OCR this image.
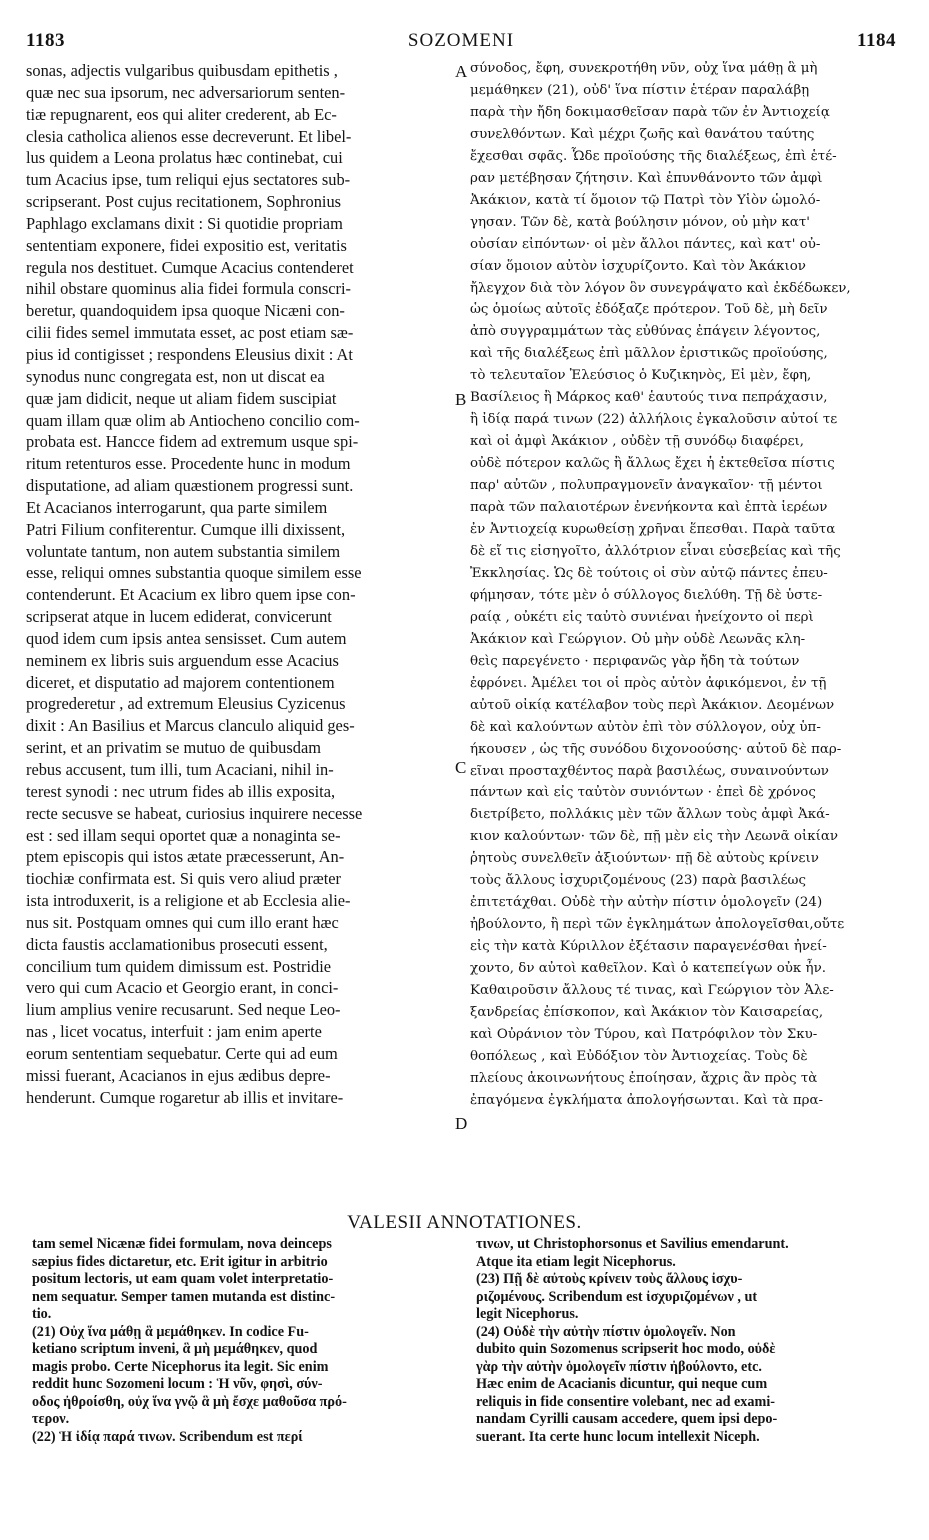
1183	SOZOMENI	1184
sonas, adjectis vulgaribus quibusdam epithetis ,
quæ nec sua ipsorum, nec adversariorum senten-
tiæ repugnarent, eos qui aliter crederent, ab Ec-
clesia catholica alienos esse decreverunt. Et libel-
lus quidem a Leona prolatus hæc continebat, cui
tum Acacius ipse, tum reliqui ejus sectatores sub-
scripserant. Post cujus recitationem, Sophronius
Paphlago exclamans dixit : Si quotidie propriam
sententiam exponere, fidei expositio est, veritatis
regula nos destituet. Cumque Acacius contenderet
nihil obstare quominus alia fidei formula conscri-
beretur, quandoquidem ipsa quoque Nicæni con-
cilii fides semel immutata esset, ac post etiam sæ-
pius id contigisset ; respondens Eleusius dixit : At
synodus nunc congregata est, non ut discat ea
quæ jam didicit, neque ut aliam fidem suscipiat
quam illam quæ olim ab Antiocheno concilio com-
probata est. Hancce fidem ad extremum usque spi-
ritum retenturos esse. Procedente hunc in modum
disputatione, ad aliam quæstionem progressi sunt.
Et Acacianos interrogarunt, qua parte similem
Patri Filium confiterentur. Cumque illi dixissent,
voluntate tantum, non autem substantia similem
esse, reliqui omnes substantia quoque similem esse
contenderunt. Et Acacium ex libro quem ipse con-
scripserat atque in lucem ediderat, convicerunt
quod idem cum ipsis antea sensisset. Cum autem
neminem ex libris suis arguendum esse Acacius
diceret, et disputatio ad majorem contentionem
progrederetur , ad extremum Eleusius Cyzicenus
dixit : An Basilius et Marcus clanculo aliquid ges-
serint, et an privatim se mutuo de quibusdam
rebus accusent, tum illi, tum Acaciani, nihil in-
terest synodi : nec utrum fides ab illis exposita,
recte secusve se habeat, curiosius inquirere necesse
est : sed illam sequi oportet quæ a nonaginta se-
ptem episcopis qui istos ætate præcesserunt, An-
tiochiæ confirmata est. Si quis vero aliud præter
ista introduxerit, is a religione et ab Ecclesia alie-
nus sit. Postquam omnes qui cum illo erant hæc
dicta faustis acclamationibus prosecuti essent,
concilium tum quidem dimissum est. Postridie
vero qui cum Acacio et Georgio erant, in conci-
lium amplius venire recusarunt. Sed neque Leo-
nas , licet vocatus, interfuit : jam enim aperte
eorum sententiam sequebatur. Certe qui ad eum
missi fuerant, Acacianos in ejus ædibus depre-
henderunt. Cumque rogaretur ab illis et invitare-
σύνοδος, ἔφη, συνεκροτήθη νῦν, οὐχ ἵνα μάθῃ ἃ μὴ
μεμάθηκεν (21), οὐδ' ἵνα πίστιν ἑτέραν παραλάβῃ
παρὰ τὴν ἤδη δοκιμασθεῖσαν παρὰ τῶν ἐν Ἀντιοχείᾳ
συνελθόντων. Καὶ μέχρι ζωῆς καὶ θανάτου ταύτης
ἔχεσθαι σφᾶς. Ὧδε προϊούσης τῆς διαλέξεως, ἐπὶ ἑτέ-
ραν μετέβησαν ζήτησιν. Καὶ ἐπυνθάνοντο τῶν ἀμφὶ
Ἀκάκιον, κατὰ τί ὅμοιον τῷ Πατρὶ τὸν Υἱὸν ὡμολό-
γησαν. Τῶν δὲ, κατὰ βούλησιν μόνον, οὐ μὴν κατ'
οὐσίαν εἰπόντων· οἱ μὲν ἄλλοι πάντες, καὶ κατ' οὐ-
σίαν ὅμοιον αὐτὸν ἰσχυρίζοντο. Καὶ τὸν Ἀκάκιον
ἤλεγχον διὰ τὸν λόγον ὃν συνεγράψατο καὶ ἐκδέδωκεν,
ὡς ὁμοίως αὐτοῖς ἐδόξαζε πρότερον. Τοῦ δὲ, μὴ δεῖν
ἀπὸ συγγραμμάτων τὰς εὐθύνας ἐπάγειν λέγοντος,
καὶ τῆς διαλέξεως ἐπὶ μᾶλλον ἐριστικῶς προϊούσης,
τὸ τελευταῖον Ἐλεύσιος ὁ Κυζικηνὸς, Εἰ μὲν, ἔφη,
Βασίλειος ἢ Μάρκος καθ' ἑαυτούς τινα πεπράχασιν,
ἢ ἰδίᾳ παρά τινων (22) ἀλλήλοις ἐγκαλοῦσιν αὐτοί τε
καὶ οἱ ἀμφὶ Ἀκάκιον , οὐδὲν τῇ συνόδῳ διαφέρει,
οὐδὲ πότερον καλῶς ἢ ἄλλως ἔχει ἡ ἐκτεθεῖσα πίστις
παρ' αὐτῶν , πολυπραγμονεῖν ἀναγκαῖον· τῇ μέντοι
παρὰ τῶν παλαιοτέρων ἐνενήκοντα καὶ ἑπτὰ ἱερέων
ἐν Ἀντιοχείᾳ κυρωθείσῃ χρῆναι ἕπεσθαι. Παρὰ ταῦτα
δὲ εἴ τις εἰσηγοῖτο, ἀλλότριον εἶναι εὐσεβείας καὶ τῆς
Ἐκκλησίας. Ὡς δὲ τούτοις οἱ σὺν αὐτῷ πάντες ἐπευ-
φήμησαν, τότε μὲν ὁ σύλλογος διελύθη. Τῇ δὲ ὑστε-
ραίᾳ , οὐκέτι εἰς ταὐτὸ συνιέναι ἠνείχοντο οἱ περὶ
Ἀκάκιον καὶ Γεώργιον. Οὐ μὴν οὐδὲ Λεωνᾶς κλη-
θεὶς παρεγένετο · περιφανῶς γὰρ ἤδη τὰ τούτων
ἐφρόνει. Ἀμέλει τοι οἱ πρὸς αὐτὸν ἀφικόμενοι, ἐν τῇ
αὐτοῦ οἰκίᾳ κατέλαβον τοὺς περὶ Ἀκάκιον. Δεομένων
δὲ καὶ καλούντων αὐτὸν ἐπὶ τὸν σύλλογον, οὐχ ὑπ-
ήκουσεν , ὡς τῆς συνόδου διχονοούσης· αὐτοῦ δὲ παρ-
εῖναι προσταχθέντος παρὰ βασιλέως, συναινούντων
πάντων καὶ εἰς ταὐτὸν συνιόντων · ἐπεὶ δὲ χρόνος
διετρίβετο, πολλάκις μὲν τῶν ἄλλων τοὺς ἀμφὶ Ἀκά-
κιον καλούντων· τῶν δὲ, πῇ μὲν εἰς τὴν Λεωνᾶ οἰκίαν
ῥητοὺς συνελθεῖν ἀξιούντων· πῇ δὲ αὐτοὺς κρίνειν
τοὺς ἄλλους ἰσχυριζομένους (23) παρὰ βασιλέως
ἐπιτετάχθαι. Οὐδὲ τὴν αὐτὴν πίστιν ὁμολογεῖν (24)
ἠβούλοντο, ἢ περὶ τῶν ἐγκλημάτων ἀπολογεῖσθαι,οὔτε
εἰς τὴν κατὰ Κύριλλον ἐξέτασιν παραγενέσθαι ἠνεί-
χοντο, δν αὐτοὶ καθεῖλον. Καὶ ὁ κατεπείγων οὐκ ἦν.
Καθαιροῦσιν ἄλλους τέ τινας, καὶ Γεώργιον τὸν Ἀλε-
ξανδρείας ἐπίσκοπον, καὶ Ἀκάκιον τὸν Καισαρείας,
καὶ Οὐράνιον τὸν Τύρου, καὶ Πατρόφιλον τὸν Σκυ-
θοπόλεως , καὶ Εὐδόξιον τὸν Ἀντιοχείας. Τοὺς δὲ
πλείους ἀκοινωνήτους ἐποίησαν, ἄχρις ἂν πρὸς τὰ
ἐπαγόμενα ἐγκλήματα ἀπολογήσωνται. Καὶ τὰ πρα-
A
B
C
D
VALESII ANNOTATIONES.
tam semel Nicænæ fidei formulam, nova deinceps
sæpius fides dictaretur, etc. Erit igitur in arbitrio
positum lectoris, ut eam quam volet interpretatio-
nem sequatur. Semper tamen mutanda est distinc-
tio.
(21) Οὐχ ἵνα μάθῃ ἃ μεμάθηκεν. In codice Fu-
ketiano scriptum inveni, ἃ μὴ μεμάθηκεν, quod
magis probo. Certe Nicephorus ita legit. Sic enim
reddit hunc Sozomeni locum : Ἡ νῦν, φησὶ, σύν-
οδος ἠθροίσθη, οὐχ ἵνα γνῷ ἃ μὴ ἔσχε μαθοῦσα πρό-
τερον.
(22) Ἡ ἰδίᾳ παρά τινων. Scribendum est περί
τινων, ut Christophorsonus et Savilius emendarunt.
Atque ita etiam legit Nicephorus.
(23) Πῇ δὲ αὐτοὺς κρίνειν τοὺς ἄλλους ἰσχυ-
ριζομένους. Scribendum est ἰσχυριζομένων , ut
legit Nicephorus.
(24) Οὐδὲ τὴν αὐτὴν πίστιν ὁμολογεῖν. Non
dubito quin Sozomenus scripserit hoc modo, οὐδὲ
γὰρ τὴν αὐτὴν ὁμολογεῖν πίστιν ἠβούλοντο, etc.
Hæc enim de Acacianis dicuntur, qui neque cum
reliquis in fide consentire volebant, nec ad exami-
nandam Cyrilli causam accedere, quem ipsi depo-
suerant. Ita certe hunc locum intellexit Niceph.
